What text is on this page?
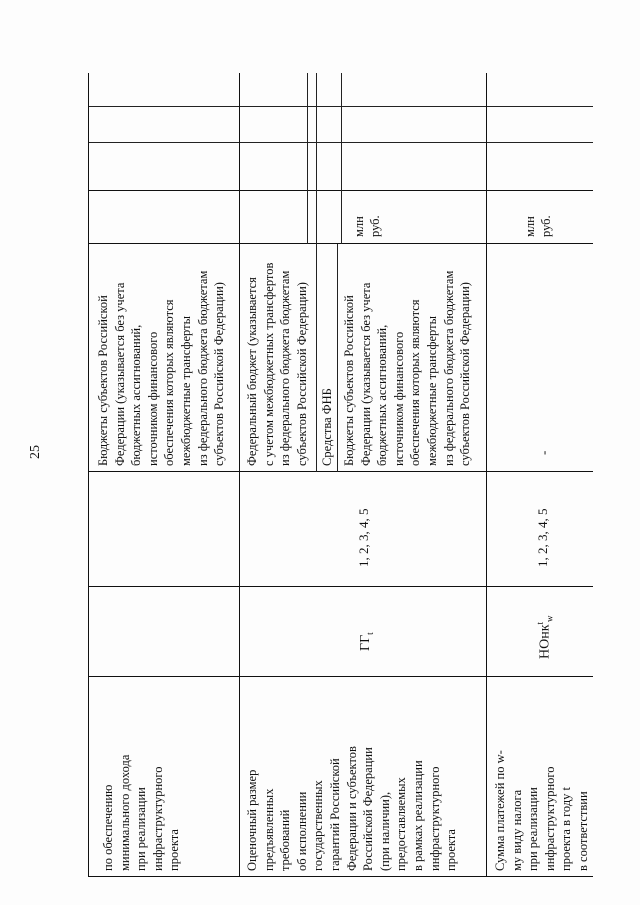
25
по обеспечению минимального дохода при реализации инфраструктурного проекта
Бюджеты субъектов Российской Федерации (указывается без учета бюджетных ассигнований, источником финансового обеспечения которых являются межбюджетные трансферты из федерального бюджета бюджетам субъектов Российской Федерации)
Оценочный размер предъявленных требований об исполнении государственных гарантий Российской Федерации и субъектов Российской Федерации (при наличии), предоставляемых в рамках реализации инфраструктурного проекта
$ГГ_t$
1, 2, 3, 4, 5
Федеральный бюджет (указывается с учетом межбюджетных трансфертов из федерального бюджета бюджетам субъектов Российской Федерации) Средства ФНБ Бюджеты субъектов Российской Федерации (указывается без учета бюджетных ассигнований, источником финансового обеспечения которых являются межбюджетные трансферты из федерального бюджета бюджетам субъектов Российской Федерации)
млн руб.
Сумма платежей по w- му виду налога при реализации инфраструктурного проекта в году t в соответствии
НОнк$^t_w$
1, 2, 3, 4, 5
-
млн руб.
